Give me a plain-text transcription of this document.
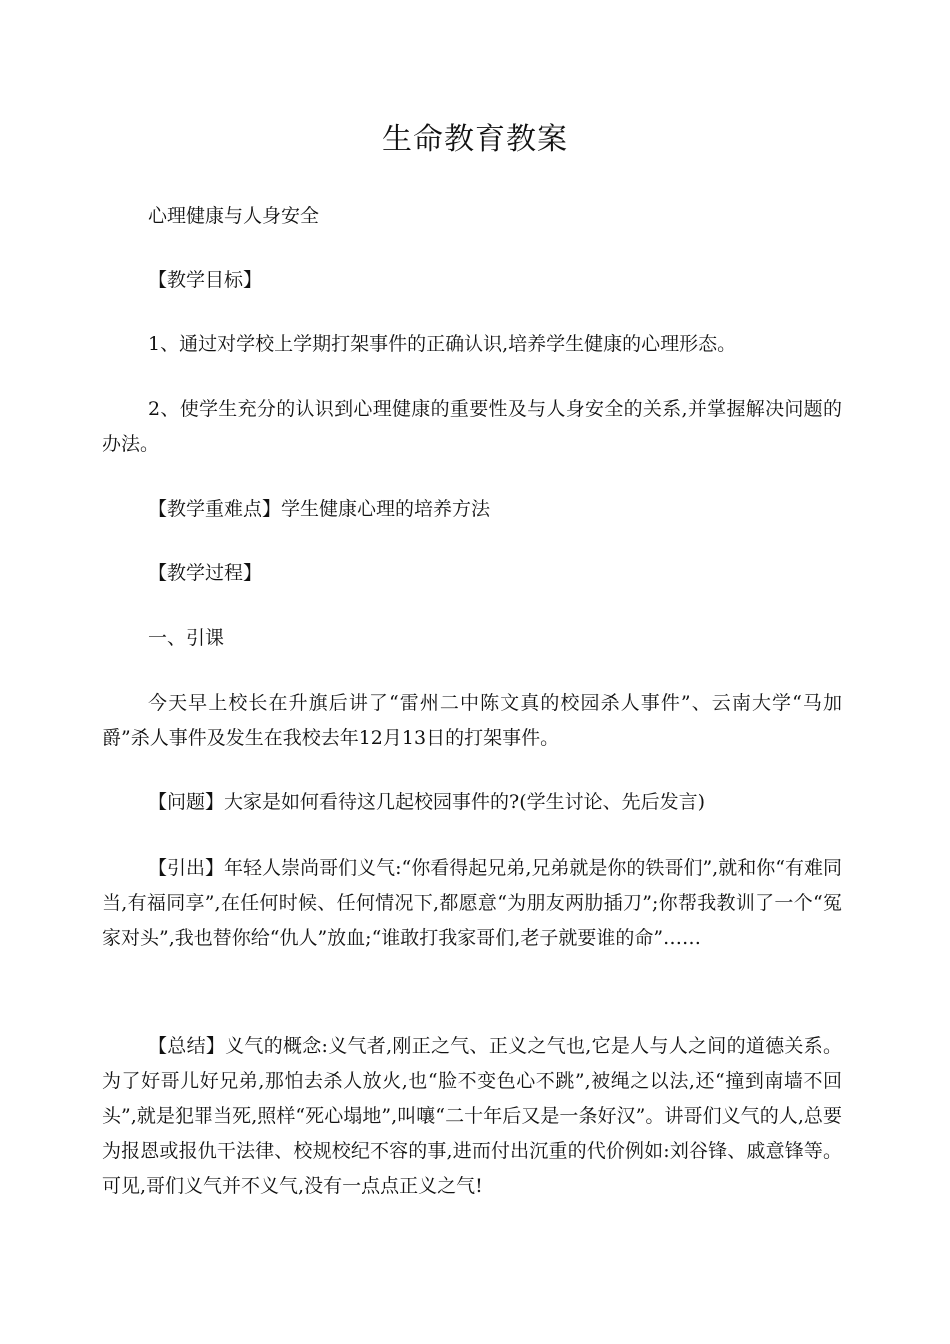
生命教育教案

心理健康与人身安全

【教学目标】

1、通过对学校上学期打架事件的正确认识,培养学生健康的心理形态。

2、使学生充分的认识到心理健康的重要性及与人身安全的关系,并掌握解决问题的办法。

【教学重难点】学生健康心理的培养方法

【教学过程】

一、引课

今天早上校长在升旗后讲了“雷州二中陈文真的校园杀人事件”、云南大学“马加爵”杀人事件及发生在我校去年12月13日的打架事件。

【问题】大家是如何看待这几起校园事件的?(学生讨论、先后发言)

【引出】年轻人崇尚哥们义气:“你看得起兄弟,兄弟就是你的铁哥们”,就和你“有难同当,有福同享”,在任何时候、任何情况下,都愿意“为朋友两肋插刀”;你帮我教训了一个“冤家对头”,我也替你给“仇人”放血;“谁敢打我家哥们,老子就要谁的命”……

【总结】义气的概念:义气者,刚正之气、正义之气也,它是人与人之间的道德关系。为了好哥儿好兄弟,那怕去杀人放火,也“脸不变色心不跳”,被绳之以法,还“撞到南墙不回头”,就是犯罪当死,照样“死心塌地”,叫嚷“二十年后又是一条好汉”。讲哥们义气的人,总要为报恩或报仇干法律、校规校纪不容的事,进而付出沉重的代价例如:刘谷锋、戚意锋等。可见,哥们义气并不义气,没有一点点正义之气!
